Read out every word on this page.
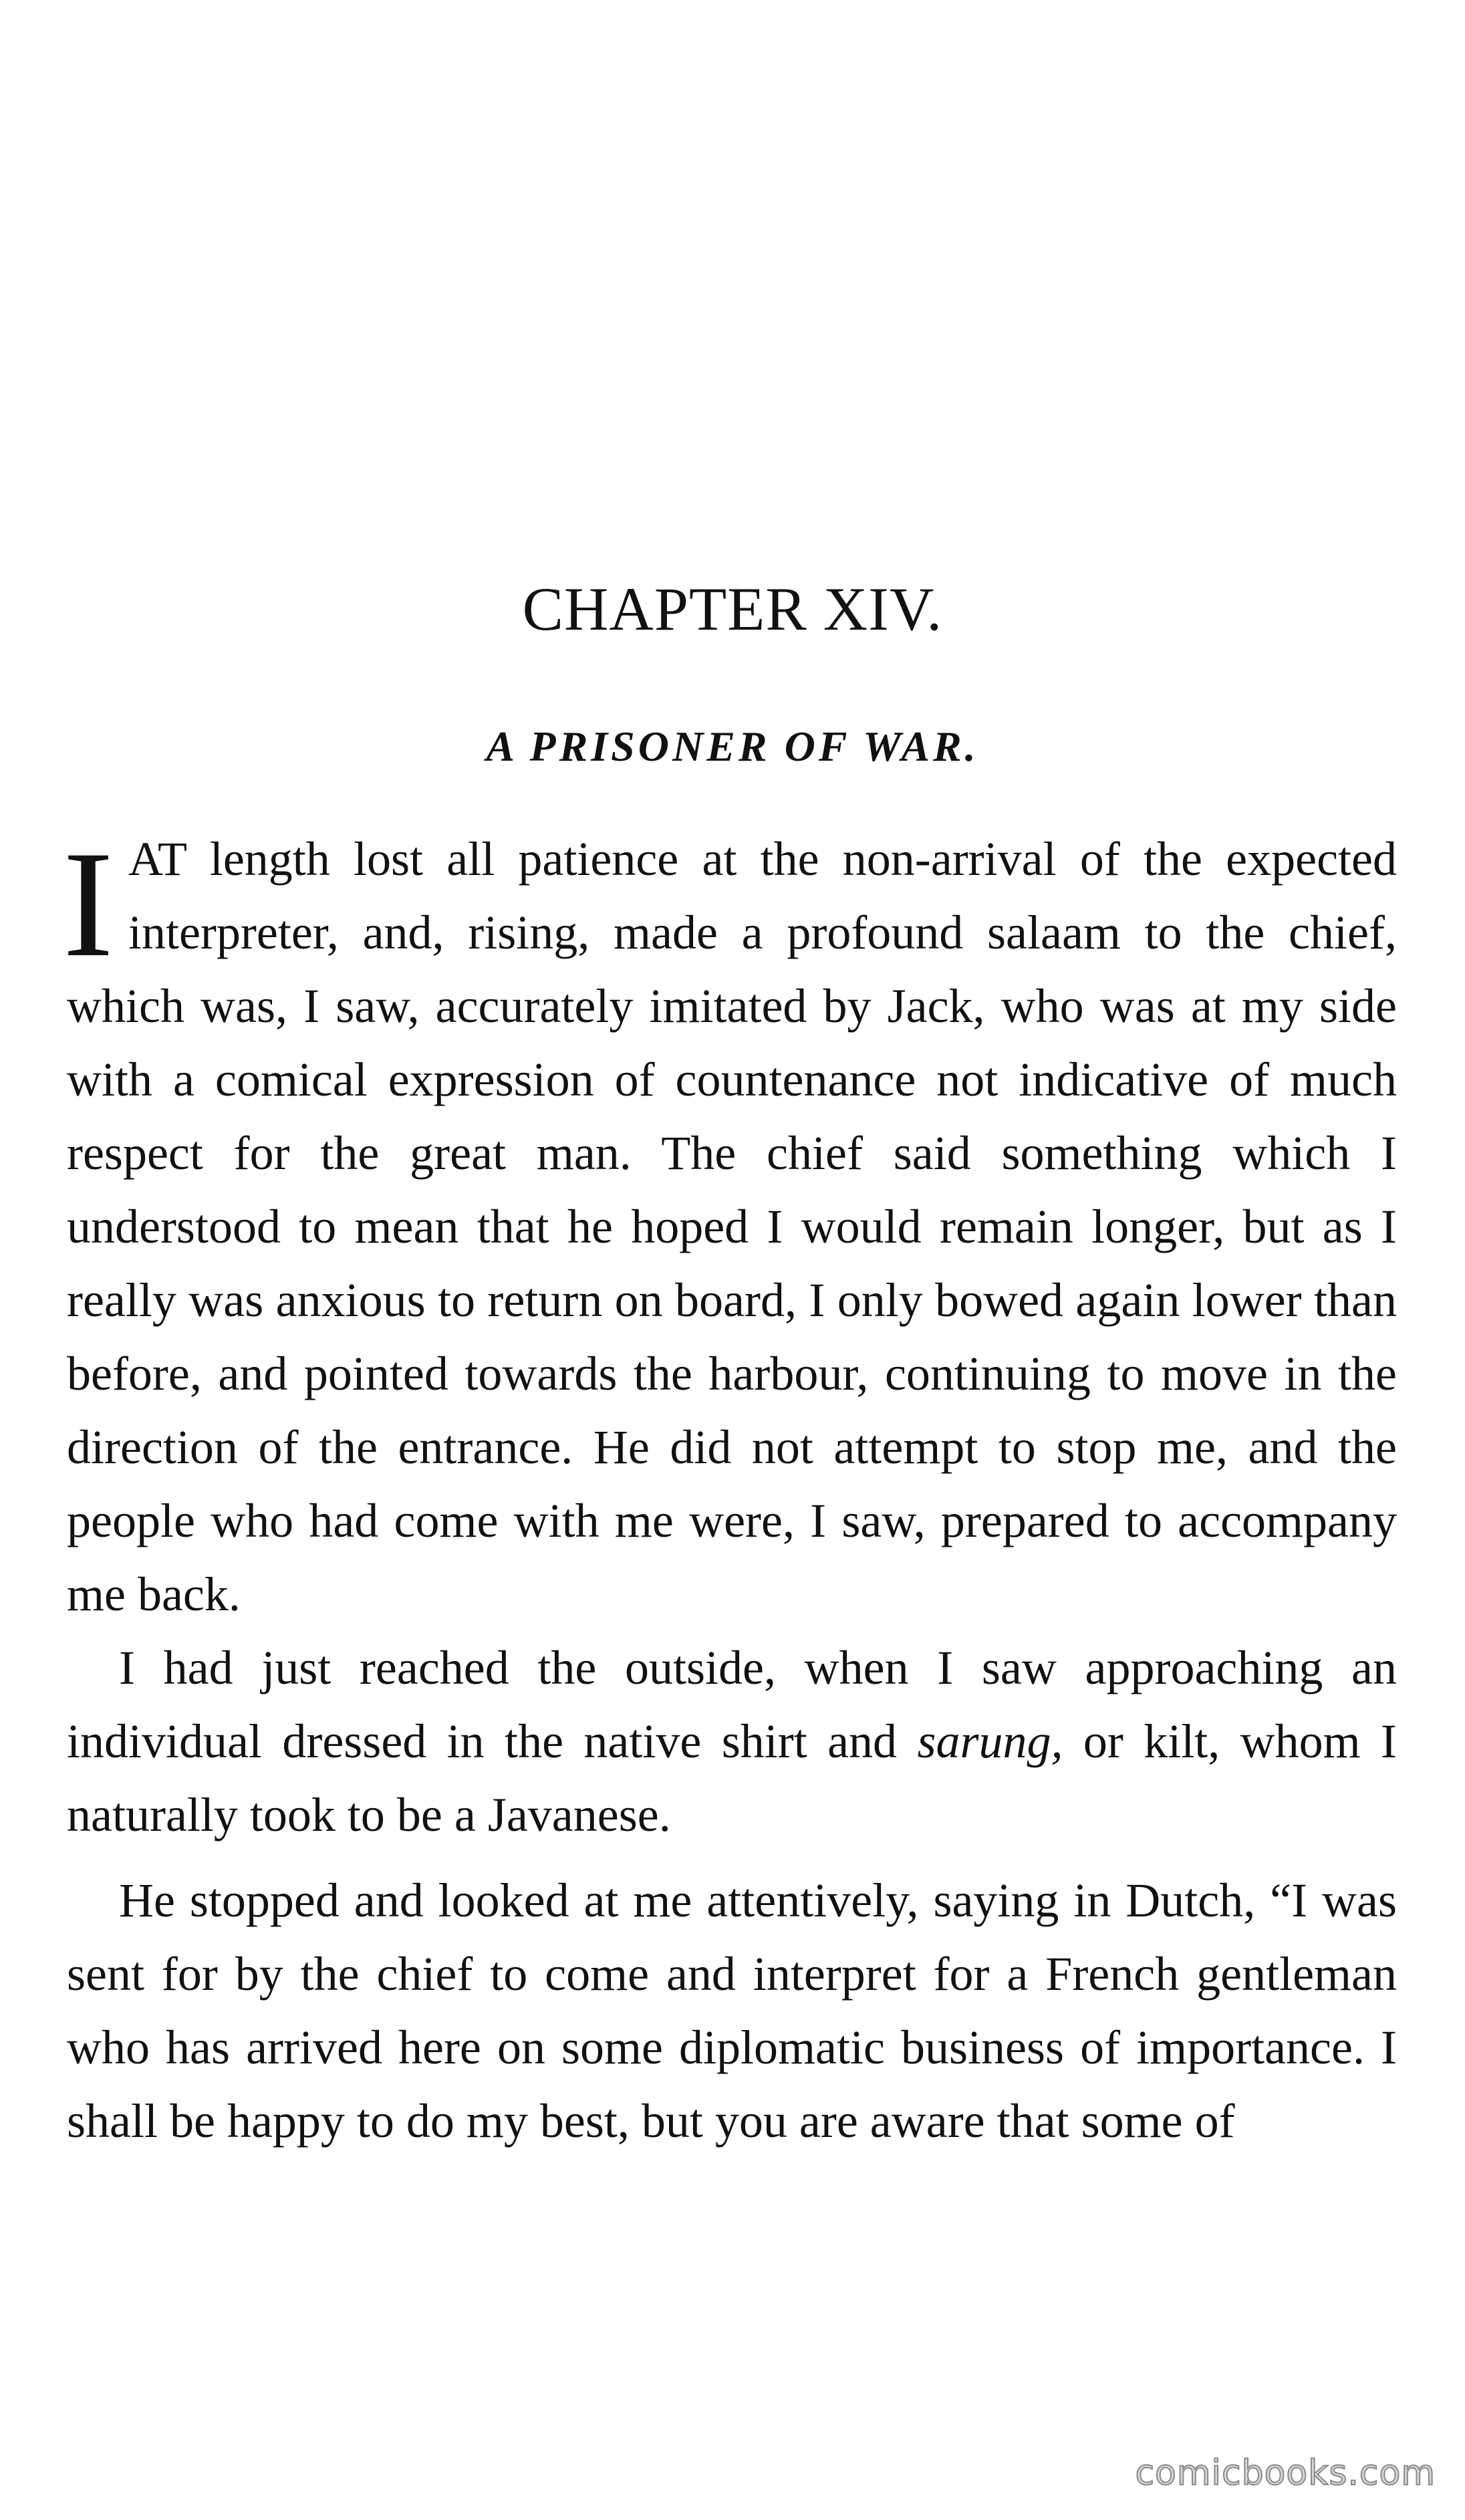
CHAPTER XIV.
A PRISONER OF WAR.

IAT length lost all patience at the non-arrival of the expected interpreter, and, rising, made a profound salaam to the chief, which was, I saw, accurately imitated by Jack, who was at my side with a comical expression of countenance not indicative of much respect for the great man. The chief said something which I understood to mean that he hoped I would remain longer, but as I really was anxious to return on board, I only bowed again lower than before, and pointed towards the harbour, continuing to move in the direction of the entrance. He did not attempt to stop me, and the people who had come with me were, I saw, prepared to accompany me back.

I had just reached the outside, when I saw approaching an individual dressed in the native shirt and sarung, or kilt, whom I naturally took to be a Javanese.

He stopped and looked at me attentively, saying in Dutch, “I was sent for by the chief to come and interpret for a French gentleman who has arrived here on some diplomatic business of importance. I shall be happy to do my best, but you are aware that some of

comicbooks.com
